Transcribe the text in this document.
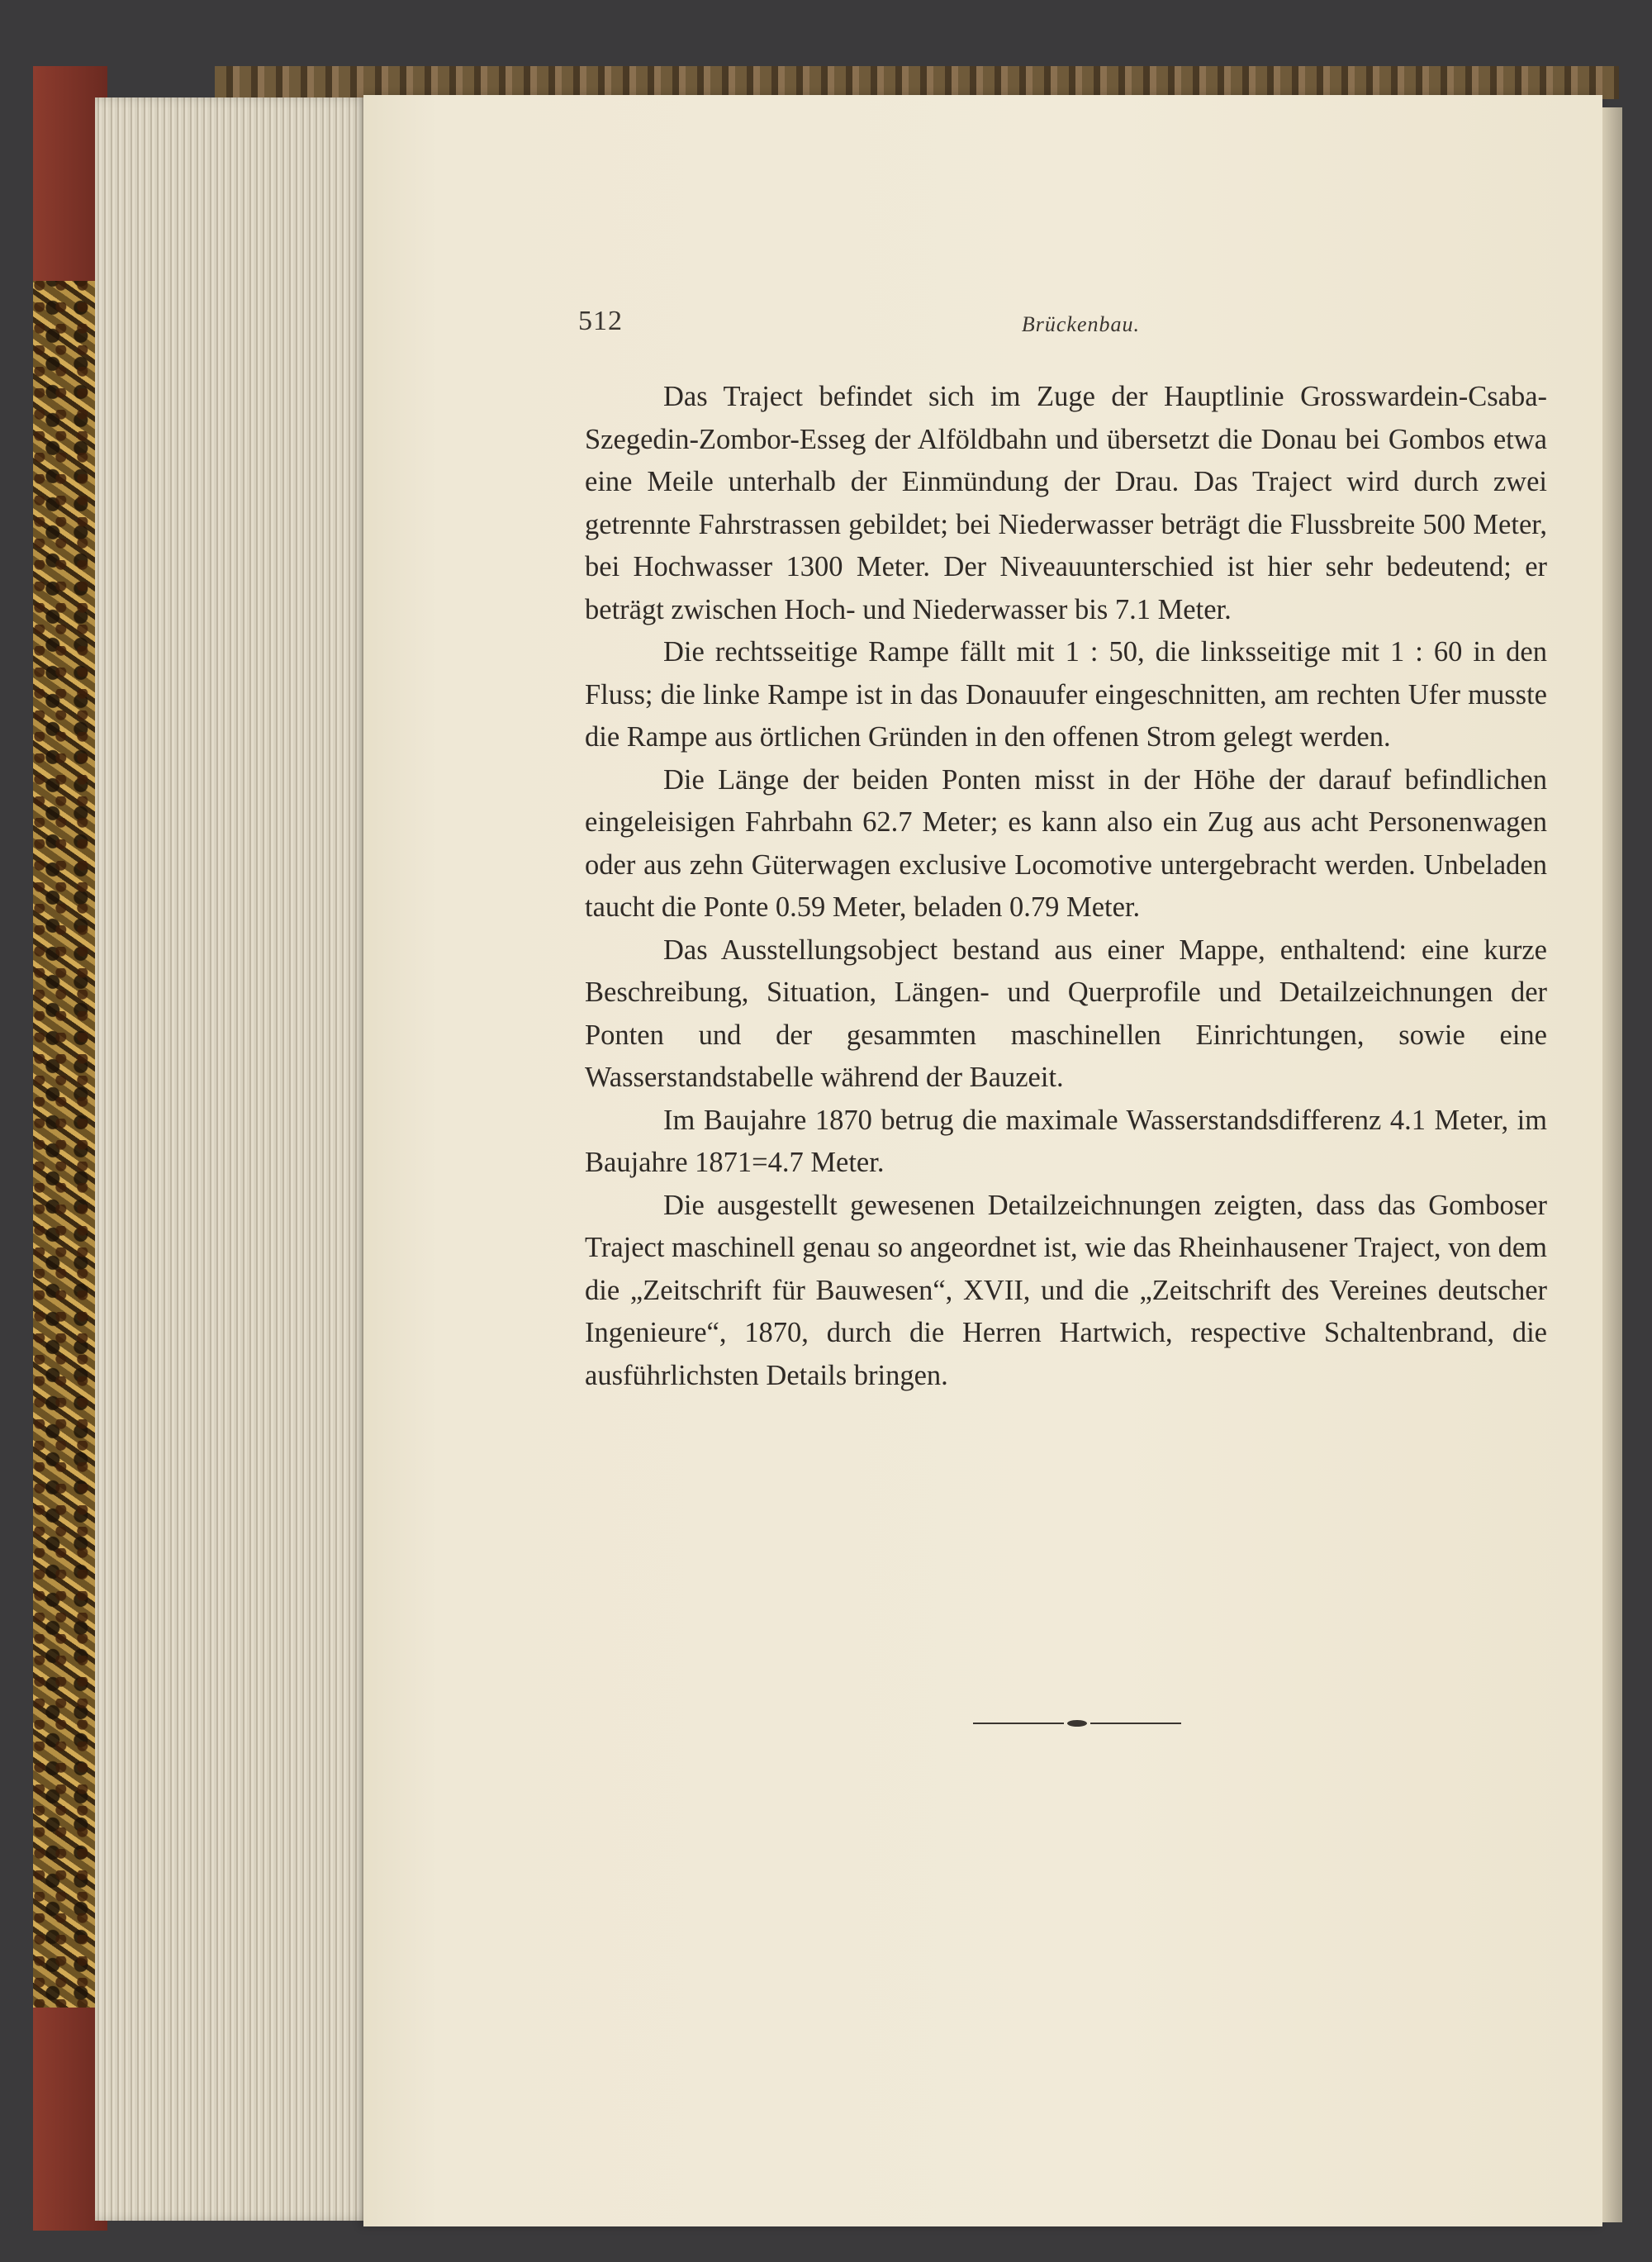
512	Brückenbau.

Das Traject befindet sich im Zuge der Hauptlinie Grosswardein-Csaba-Szegedin-Zombor-Esseg der Alföldbahn und übersetzt die Donau bei Gombos etwa eine Meile unterhalb der Einmündung der Drau. Das Traject wird durch zwei getrennte Fahrstrassen gebildet; bei Niederwasser beträgt die Flussbreite 500 Meter, bei Hochwasser 1300 Meter. Der Niveauunterschied ist hier sehr bedeutend; er beträgt zwischen Hoch- und Niederwasser bis 7.1 Meter.

Die rechtsseitige Rampe fällt mit 1 : 50, die linksseitige mit 1 : 60 in den Fluss; die linke Rampe ist in das Donauufer eingeschnitten, am rechten Ufer musste die Rampe aus örtlichen Gründen in den offenen Strom gelegt werden.

Die Länge der beiden Ponten misst in der Höhe der darauf befindlichen eingeleisigen Fahrbahn 62.7 Meter; es kann also ein Zug aus acht Personenwagen oder aus zehn Güterwagen exclusive Locomotive untergebracht werden. Unbeladen taucht die Ponte 0.59 Meter, beladen 0.79 Meter.

Das Ausstellungsobject bestand aus einer Mappe, enthaltend: eine kurze Beschreibung, Situation, Längen- und Querprofile und Detailzeichnungen der Ponten und der gesammten maschinellen Einrichtungen, sowie eine Wasserstandstabelle während der Bauzeit.

Im Baujahre 1870 betrug die maximale Wasserstandsdifferenz 4.1 Meter, im Baujahre 1871=4.7 Meter.

Die ausgestellt gewesenen Detailzeichnungen zeigten, dass das Gomboser Traject maschinell genau so angeordnet ist, wie das Rheinhausener Traject, von dem die „Zeitschrift für Bauwesen“, XVII, und die „Zeitschrift des Vereines deutscher Ingenieure“, 1870, durch die Herren Hartwich, respective Schaltenbrand, die ausführlichsten Details bringen.
